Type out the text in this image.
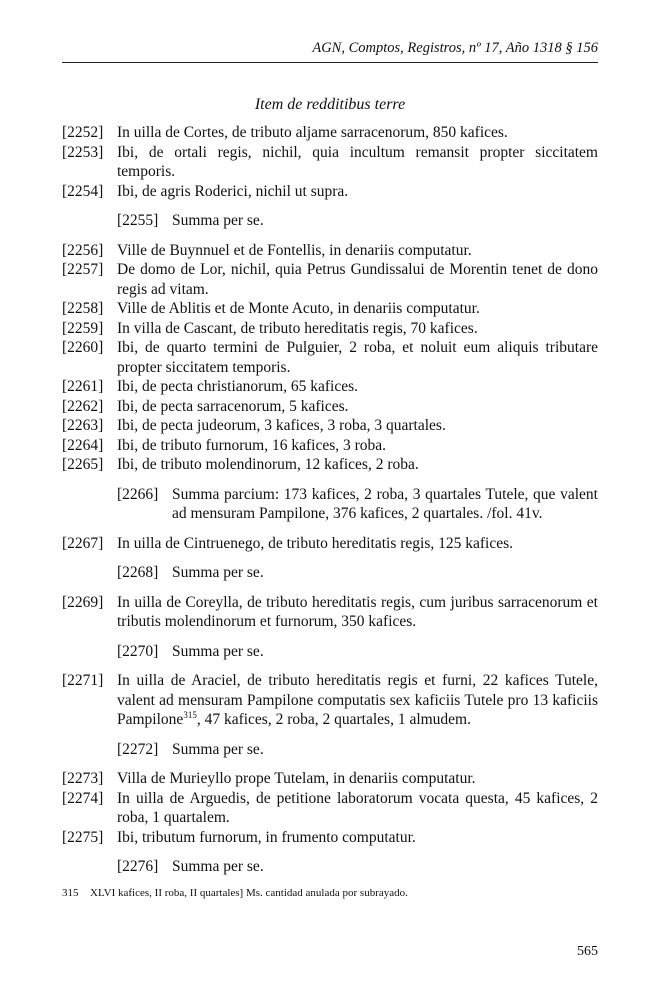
AGN, Comptos, Registros, nº 17, Año 1318 § 156
Item de redditibus terre
[2252] In uilla de Cortes, de tributo aljame sarracenorum, 850 kafices.
[2253] Ibi, de ortali regis, nichil, quia incultum remansit propter siccitatem temporis.
[2254] Ibi, de agris Roderici, nichil ut supra.
[2255] Summa per se.
[2256] Ville de Buynnuel et de Fontellis, in denariis computatur.
[2257] De domo de Lor, nichil, quia Petrus Gundissalui de Morentin tenet de dono regis ad vitam.
[2258] Ville de Ablitis et de Monte Acuto, in denariis computatur.
[2259] In villa de Cascant, de tributo hereditatis regis, 70 kafices.
[2260] Ibi, de quarto termini de Pulguier, 2 roba, et noluit eum aliquis tributare propter siccitatem temporis.
[2261] Ibi, de pecta christianorum, 65 kafices.
[2262] Ibi, de pecta sarracenorum, 5 kafices.
[2263] Ibi, de pecta judeorum, 3 kafices, 3 roba, 3 quartales.
[2264] Ibi, de tributo furnorum, 16 kafices, 3 roba.
[2265] Ibi, de tributo molendinorum, 12 kafices, 2 roba.
[2266] Summa parcium: 173 kafices, 2 roba, 3 quartales Tutele, que valent ad mensuram Pampilone, 376 kafices, 2 quartales. /fol. 41v.
[2267] In uilla de Cintruenego, de tributo hereditatis regis, 125 kafices.
[2268] Summa per se.
[2269] In uilla de Coreylla, de tributo hereditatis regis, cum juribus sarracenorum et tributis molendinorum et furnorum, 350 kafices.
[2270] Summa per se.
[2271] In uilla de Araciel, de tributo hereditatis regis et furni, 22 kafices Tutele, valent ad mensuram Pampilone computatis sex kaficiis Tutele pro 13 kaficiis Pampilone$^{315}$, 47 kafices, 2 roba, 2 quartales, 1 almudem.
[2272] Summa per se.
[2273] Villa de Murieyllo prope Tutelam, in denariis computatur.
[2274] In uilla de Arguedis, de petitione laboratorum vocata questa, 45 kafices, 2 roba, 1 quartalem.
[2275] Ibi, tributum furnorum, in frumento computatur.
[2276] Summa per se.
315 XLVI kafices, II roba, II quartales] Ms. cantidad anulada por subrayado.
565
